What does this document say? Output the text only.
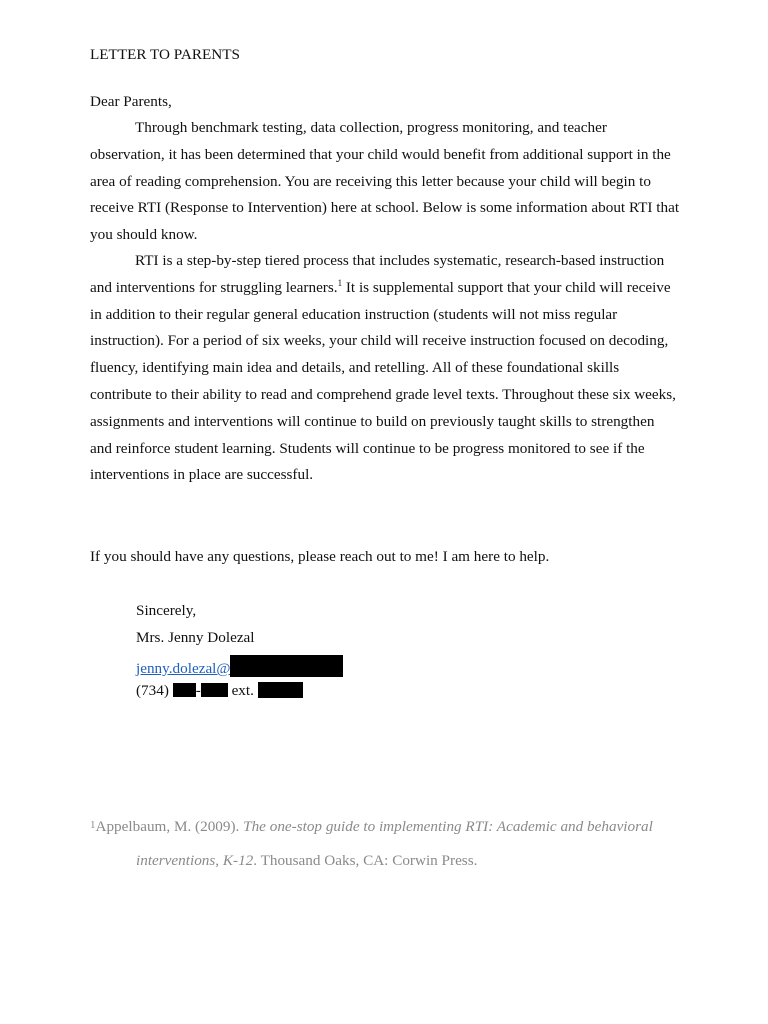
LETTER TO PARENTS
Dear Parents,

Through benchmark testing, data collection, progress monitoring, and teacher observation, it has been determined that your child would benefit from additional support in the area of reading comprehension. You are receiving this letter because your child will begin to receive RTI (Response to Intervention) here at school. Below is some information about RTI that you should know.

RTI is a step-by-step tiered process that includes systematic, research-based instruction and interventions for struggling learners.$^1$ It is supplemental support that your child will receive in addition to their regular general education instruction (students will not miss regular instruction). For a period of six weeks, your child will receive instruction focused on decoding, fluency, identifying main idea and details, and retelling. All of these foundational skills contribute to their ability to read and comprehend grade level texts. Throughout these six weeks, assignments and interventions will continue to build on previously taught skills to strengthen and reinforce student learning. Students will continue to be progress monitored to see if the interventions in place are successful.

If you should have any questions, please reach out to me! I am here to help.
Sincerely,
Mrs. Jenny Dolezal
jenny.dolezal@
(734) - ext.
1Appelbaum, M. (2009). The one-stop guide to implementing RTI: Academic and behavioral
interventions, K-12. Thousand Oaks, CA: Corwin Press.
